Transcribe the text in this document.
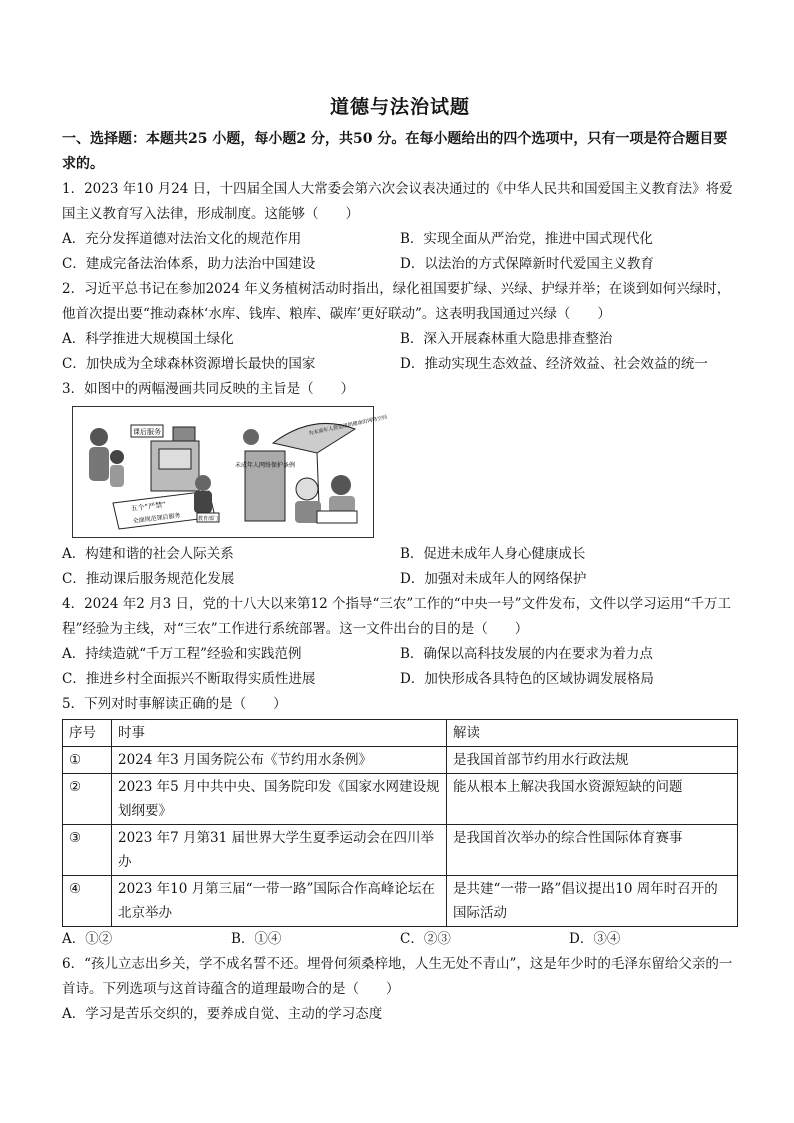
道德与法治试题

一、选择题：本题共25 小题，每小题2 分，共50 分。在每小题给出的四个选项中，只有一项是符合题目要求的。

1．2023 年10 月24 日，十四届全国人大常委会第六次会议表决通过的《中华人民共和国爱国主义教育法》将爱国主义教育写入法律，形成制度。这能够（　　）

A．充分发挥道德对法治文化的规范作用	B．实现全面从严治党，推进中国式现代化
C．建成完备法治体系，助力法治中国建设	D．以法治的方式保障新时代爱国主义教育

2．习近平总书记在参加2024 年义务植树活动时指出，绿化祖国要扩绿、兴绿、护绿并举；在谈到如何兴绿时，他首次提出要“推动森林‘水库、钱库、粮库、碳库’更好联动”。这表明我国通过兴绿（　　）

A．科学推进大规模国土绿化	B．深入开展森林重大隐患排查整治
C．加快成为全球森林资源增长最快的国家	D．推动实现生态效益、经济效益、社会效益的统一

3．如图中的两幅漫画共同反映的主旨是（　　）

课后服务
五个“严禁”
全面规范课后服务	教育部门
为未成年人营造清朗健康的网络空间
未成年人网络保护条例
A．构建和谐的社会人际关系	B．促进未成年人身心健康成长
C．推动课后服务规范化发展	D．加强对未成年人的网络保护

4．2024 年2 月3 日，党的十八大以来第12 个指导“三农”工作的“中央一号”文件发布，文件以学习运用“千万工程”经验为主线，对“三农”工作进行系统部署。这一文件出台的目的是（　　）

A．持续造就“千万工程”经验和实践范例	B．确保以高科技发展的内在要求为着力点
C．推进乡村全面振兴不断取得实质性进展	D．加快形成各具特色的区域协调发展格局

5．下列对时事解读正确的是（　　）

序号	时事	解读
①	2024 年3 月国务院公布《节约用水条例》	是我国首部节约用水行政法规
②	2023 年5 月中共中央、国务院印发《国家水网建设规划纲要》	能从根本上解决我国水资源短缺的问题
③	2023 年7 月第31 届世界大学生夏季运动会在四川举办	是我国首次举办的综合性国际体育赛事
④	2023 年10 月第三届“一带一路”国际合作高峰论坛在北京举办	是共建“一带一路”倡议提出10 周年时召开的国际活动
A．①②	B．①④	C．②③	D．③④

6．“孩儿立志出乡关，学不成名誓不还。埋骨何须桑梓地，人生无处不青山”，这是年少时的毛泽东留给父亲的一首诗。下列选项与这首诗蕴含的道理最吻合的是（　　）

A．学习是苦乐交织的，要养成自觉、主动的学习态度
